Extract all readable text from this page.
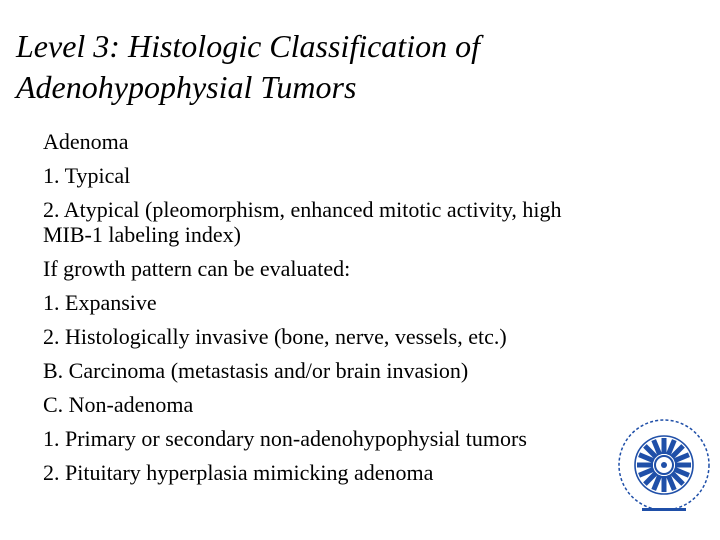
Level 3: Histologic Classification of
Adenohypophysial Tumors
Adenoma
1. Typical
2. Atypical (pleomorphism, enhanced mitotic activity, high
MIB-1 labeling index)
If growth pattern can be evaluated:
1. Expansive
2. Histologically invasive (bone, nerve, vessels, etc.)
B. Carcinoma (metastasis and/or brain invasion)
C. Non-adenoma
1. Primary or secondary non-adenohypophysial tumors
2. Pituitary hyperplasia mimicking adenoma
